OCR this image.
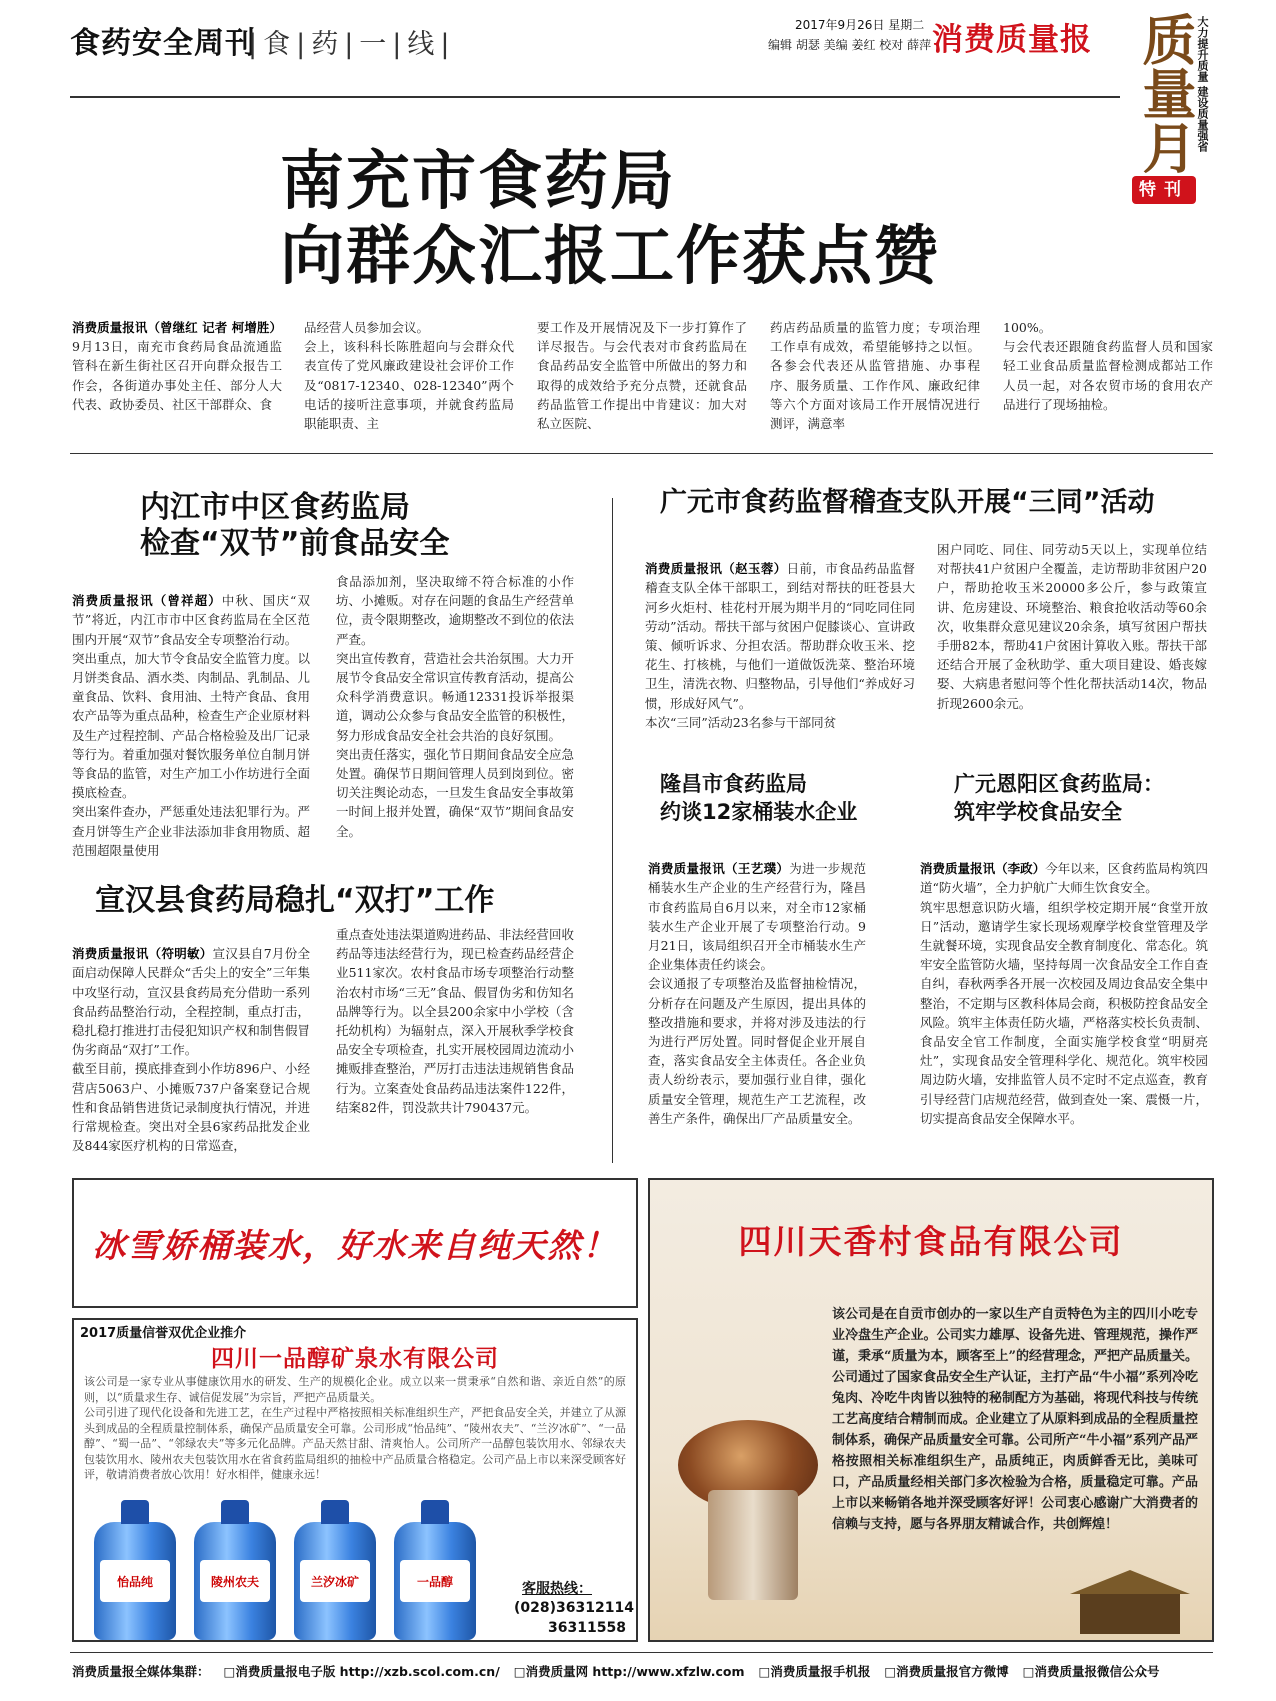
食药安全周刊
|食|药|一|线|
2017年9月26日 星期二
编辑 胡瑟 美编 姜红 校对 薛萍 消费质量报 质量月
大力提升质量 建设质量强省
特刊
南充市食药局
向群众汇报工作获点赞

消费质量报讯（曾继红 记者 柯增胜）9月13日，南充市食药局食品流通监管科在新生街社区召开向群众报告工作会，各街道办事处主任、部分人大代表、政协委员、社区干部群众、食

品经营人员参加会议。
会上，该科科长陈胜超向与会群众代表宣传了党风廉政建设社会评价工作及“0817-12340、028-12340”两个电话的接听注意事项，并就食药监局职能职责、主
要工作及开展情况及下一步打算作了详尽报告。与会代表对市食药监局在食品药品安全监管中所做出的努力和取得的成效给予充分点赞，还就食品药品监管工作提出中肯建议：加大对私立医院、
药店药品质量的监管力度；专项治理工作卓有成效，希望能够持之以恒。各参会代表还从监管措施、办事程序、服务质量、工作作风、廉政纪律等六个方面对该局工作开展情况进行测评，满意率
100%。
与会代表还跟随食药监督人员和国家轻工业食品质量监督检测成都站工作人员一起，对各农贸市场的食用农产品进行了现场抽检。
内江市中区食药监局
检查“双节”前食品安全

消费质量报讯（曾祥超）中秋、国庆“双节”将近，内江市市中区食药监局在全区范围内开展“双节”食品安全专项整治行动。
突出重点，加大节令食品安全监管力度。以月饼类食品、酒水类、肉制品、乳制品、儿童食品、饮料、食用油、土特产食品、食用农产品等为重点品种，检查生产企业原材料及生产过程控制、产品合格检验及出厂记录等行为。着重加强对餐饮服务单位自制月饼等食品的监管，对生产加工小作坊进行全面摸底检查。
突出案件查办，严惩重处违法犯罪行为。严查月饼等生产企业非法添加非食用物质、超范围超限量使用

食品添加剂，坚决取缔不符合标准的小作坊、小摊贩。对存在问题的食品生产经营单位，责令限期整改，逾期整改不到位的依法严查。
突出宣传教育，营造社会共治氛围。大力开展节令食品安全常识宣传教育活动，提高公众科学消费意识。畅通12331投诉举报渠道，调动公众参与食品安全监管的积极性，努力形成食品安全社会共治的良好氛围。
突出责任落实，强化节日期间食品安全应急处置。确保节日期间管理人员到岗到位。密切关注舆论动态，一旦发生食品安全事故第一时间上报并处置，确保“双节”期间食品安全。
宣汉县食药局稳扎“双打”工作

消费质量报讯（符明敏）宣汉县自7月份全面启动保障人民群众“舌尖上的安全”三年集中攻坚行动，宣汉县食药局充分借助一系列食品药品整治行动，全程控制，重点打击，稳扎稳打推进打击侵犯知识产权和制售假冒伪劣商品“双打”工作。
截至目前，摸底排查到小作坊896户、小经营店5063户、小摊贩737户备案登记合规性和食品销售进货记录制度执行情况，并进行常规检查。突出对全县6家药品批发企业及844家医疗机构的日常巡查，

重点查处违法渠道购进药品、非法经营回收药品等违法经营行为，现已检查药品经营企业511家次。农村食品市场专项整治行动整治农村市场“三无”食品、假冒伪劣和仿知名品牌等行为。以全县200余家中小学校（含托幼机构）为辐射点，深入开展秋季学校食品安全专项检查，扎实开展校园周边流动小摊贩排查整治，严厉打击违法违规销售食品行为。立案查处食品药品违法案件122件，结案82件，罚没款共计790437元。
广元市食药监督稽查支队开展“三同”活动

消费质量报讯（赵玉蓉）日前，市食品药品监督稽查支队全体干部职工，到结对帮扶的旺苍县大河乡火炬村、桂花村开展为期半月的“同吃同住同劳动”活动。帮扶干部与贫困户促膝谈心、宣讲政策、倾听诉求、分担农活。帮助群众收玉米、挖花生、打核桃，与他们一道做饭洗菜、整治环境卫生，清洗衣物、归整物品，引导他们“养成好习惯，形成好风气”。
本次“三同”活动23名参与干部同贫

困户同吃、同住、同劳动5天以上，实现单位结对帮扶41户贫困户全覆盖，走访帮助非贫困户20户，帮助抢收玉米20000多公斤，参与政策宣讲、危房建设、环境整治、粮食抢收活动等60余次，收集群众意见建议20余条，填写贫困户帮扶手册82本，帮助41户贫困计算收入账。帮扶干部还结合开展了金秋助学、重大项目建设、婚丧嫁娶、大病患者慰问等个性化帮扶活动14次，物品折现2600余元。
隆昌市食药监局
约谈12家桶装水企业

消费质量报讯（王艺璞）为进一步规范桶装水生产企业的生产经营行为，隆昌市食药监局自6月以来，对全市12家桶装水生产企业开展了专项整治行动。9月21日，该局组织召开全市桶装水生产企业集体责任约谈会。
会议通报了专项整治及监督抽检情况，分析存在问题及产生原因，提出具体的整改措施和要求，并将对涉及违法的行为进行严厉处置。同时督促企业开展自查，落实食品安全主体责任。各企业负责人纷纷表示，要加强行业自律，强化质量安全管理，规范生产工艺流程，改善生产条件，确保出厂产品质量安全。

广元恩阳区食药监局：
筑牢学校食品安全

消费质量报讯（李政）今年以来，区食药监局构筑四道“防火墙”，全力护航广大师生饮食安全。
筑牢思想意识防火墙，组织学校定期开展“食堂开放日”活动，邀请学生家长现场观摩学校食堂管理及学生就餐环境，实现食品安全教育制度化、常态化。筑牢安全监管防火墙，坚持每周一次食品安全工作自查自纠，春秋两季各开展一次校园及周边食品安全集中整治，不定期与区教科体局会商，积极防控食品安全风险。筑牢主体责任防火墙，严格落实校长负责制、食品安全官工作制度，全面实施学校食堂“明厨亮灶”，实现食品安全管理科学化、规范化。筑牢校园周边防火墙，安排监管人员不定时不定点巡查，教育引导经营门店规范经营，做到查处一案、震慑一片，切实提高食品安全保障水平。

冰雪娇桶装水，好水来自纯天然！
2017质量信誉双优企业推介
四川一品醇矿泉水有限公司
该公司是一家专业从事健康饮用水的研发、生产的规模化企业。成立以来一贯秉承“自然和谐、亲近自然”的原则，以“质量求生存、诚信促发展”为宗旨，严把产品质量关。
公司引进了现代化设备和先进工艺，在生产过程中严格按照相关标准组织生产，严把食品安全关，并建立了从源头到成品的全程质量控制体系，确保产品质量安全可靠。公司形成“怡品纯”、“陵州农夫”、“兰汐冰矿”、“一品醇”、“蜀一品”、“邻绿农夫”等多元化品牌。产品天然甘甜、清爽怡人。公司所产一品醇包装饮用水、邻绿农夫包装饮用水、陵州农夫包装饮用水在省食药监局组织的抽检中产品质量合格稳定。公司产品上市以来深受顾客好评，敬请消费者放心饮用！好水相伴，健康永远！
怡品纯	陵州农夫	兰汐冰矿	一品醇	客服热线：
(028)36312114
36311558
四川天香村食品有限公司
该公司是在自贡市创办的一家以生产自贡特色为主的四川小吃专业冷盘生产企业。公司实力雄厚、设备先进、管理规范，操作严谨，秉承“质量为本，顾客至上”的经营理念，严把产品质量关。
公司通过了国家食品安全生产认证，主打产品“牛小福”系列冷吃兔肉、冷吃牛肉皆以独特的秘制配方为基础，将现代科技与传统工艺高度结合精制而成。企业建立了从原料到成品的全程质量控制体系，确保产品质量安全可靠。公司所产“牛小福”系列产品严格按照相关标准组织生产，品质纯正，肉质鲜香无比，美味可口，产品质量经相关部门多次检验为合格，质量稳定可靠。产品上市以来畅销各地并深受顾客好评！公司衷心感谢广大消费者的信赖与支持，愿与各界朋友精诚合作，共创辉煌！
消费质量报全媒体集群： □消费质量报电子版 http://xzb.scol.com.cn/ □消费质量网 http://www.xfzlw.com □消费质量报手机报 □消费质量报官方微博 □消费质量报微信公众号
